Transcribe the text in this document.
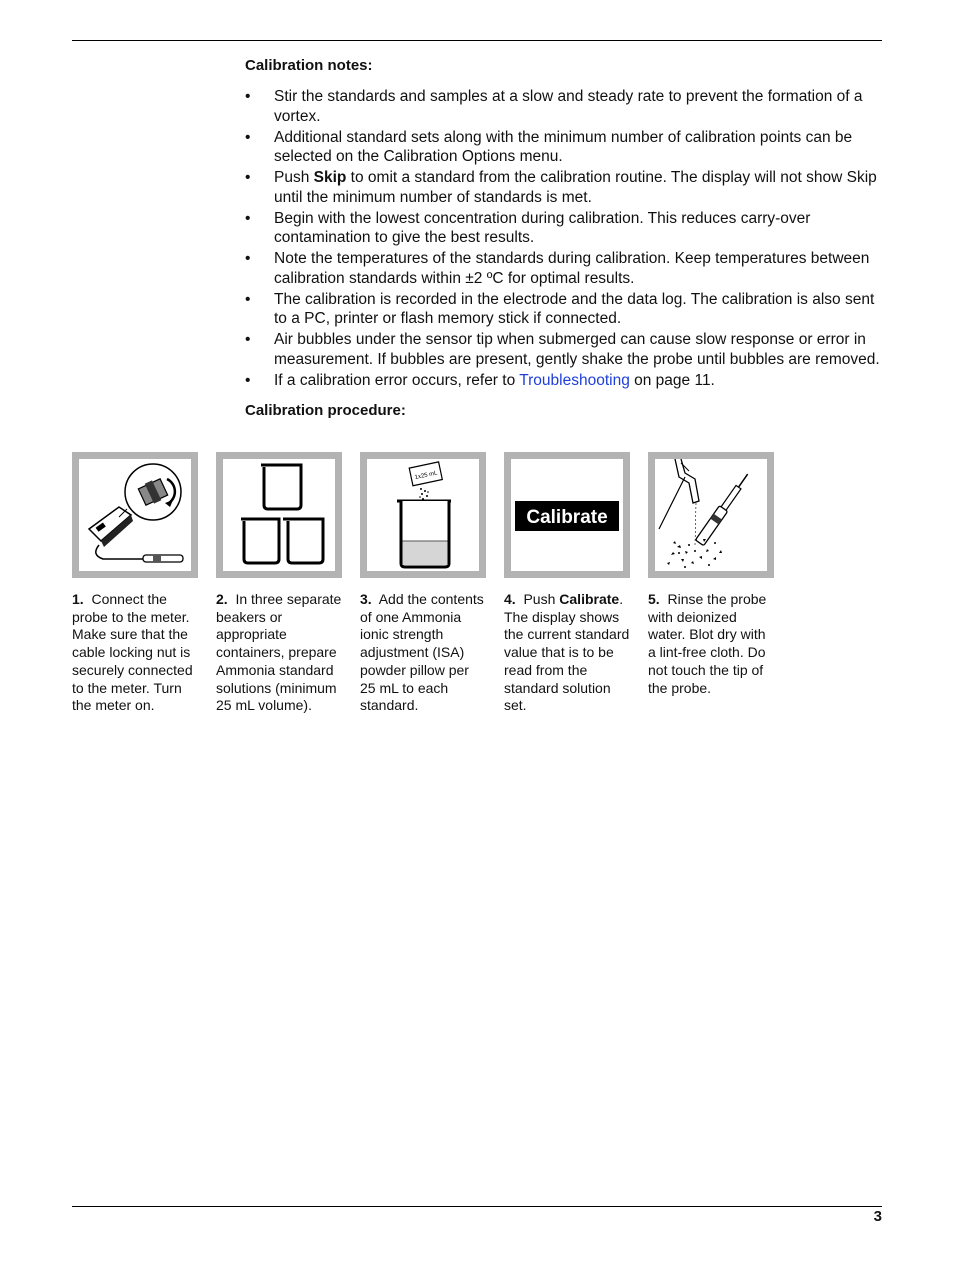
Calibration notes:

• Stir the standards and samples at a slow and steady rate to prevent the formation of a vortex.
• Additional standard sets along with the minimum number of calibration points can be selected on the Calibration Options menu.
• Push Skip to omit a standard from the calibration routine. The display will not show Skip until the minimum number of standards is met.
• Begin with the lowest concentration during calibration. This reduces carry-over contamination to give the best results.
• Note the temperatures of the standards during calibration. Keep temperatures between calibration standards within ±2 ºC for optimal results.
• The calibration is recorded in the electrode and the data log. The calibration is also sent to a PC, printer or flash memory stick if connected.
• Air bubbles under the sensor tip when submerged can cause slow response or error in measurement. If bubbles are present, gently shake the probe until bubbles are removed.
• If a calibration error occurs, refer to Troubleshooting on page 11.

Calibration procedure:

1. Connect the probe to the meter. Make sure that the cable locking nut is securely connected to the meter. Turn the meter on.
2. In three separate beakers or appropriate containers, prepare Ammonia standard solutions (minimum 25 mL volume).
1x25 mL
3. Add the contents of one Ammonia ionic strength adjustment (ISA) powder pillow per 25 mL to each standard.
Calibrate
4. Push Calibrate. The display shows the current standard value that is to be read from the standard solution set.
5. Rinse the probe with deionized water. Blot dry with a lint-free cloth. Do not touch the tip of the probe.
3
